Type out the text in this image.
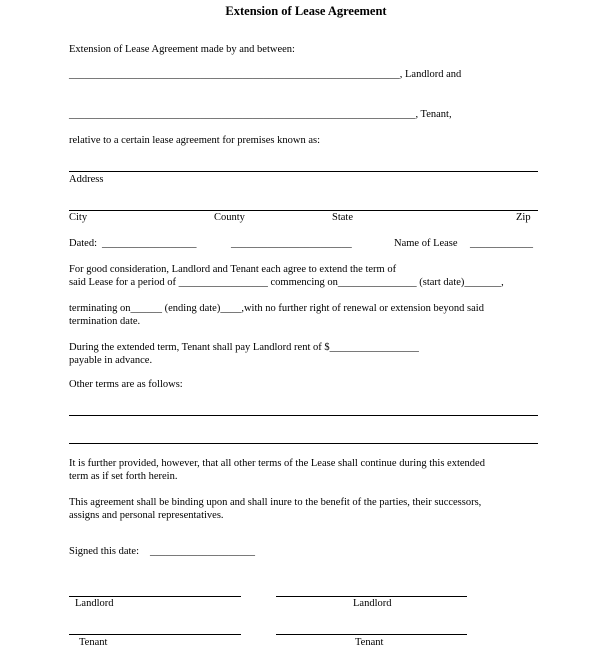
Extension of Lease Agreement
Extension of Lease Agreement made by and between:
_______________________________________________________________, Landlord and
__________________________________________________________________, Tenant,
relative to a certain lease agreement for premises known as:
Address
City	County	State	Zip
Dated: __________________	_______________________	Name of Lease ____________
For good consideration, Landlord and Tenant each agree to extend the term of
said Lease for a period of _________________ commencing on_______________ (start date)_______,
terminating on______ (ending date)____,with no further right of renewal or extension beyond said
termination date.
During the extended term, Tenant shall pay Landlord rent of $_________________
payable in advance.
Other terms are as follows:
It is further provided, however, that all other terms of the Lease shall continue during this extended
term as if set forth herein.
This agreement shall be binding upon and shall inure to the benefit of the parties, their successors,
assigns and personal representatives.
Signed this date: ____________________
Landlord	Landlord
Tenant	Tenant
